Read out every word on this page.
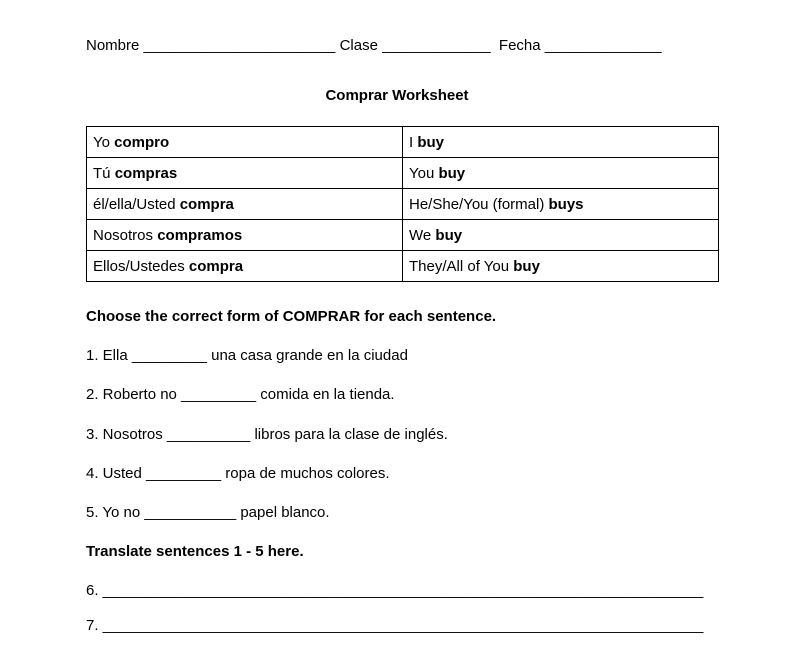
Nombre _______________________ Clase _____________ Fecha ______________
Comprar Worksheet
Yo compro	I buy
Tú compras	You buy
él/ella/Usted compra	He/She/You (formal) buys
Nosotros compramos	We buy
Ellos/Ustedes compra	They/All of You buy
Choose the correct form of COMPRAR for each sentence.
1. Ella _________ una casa grande en la ciudad
2. Roberto no _________ comida en la tienda.
3. Nosotros __________ libros para la clase de inglés.
4. Usted _________ ropa de muchos colores.
5. Yo no ___________ papel blanco.
Translate sentences 1 - 5 here.
6. ________________________________________________________________________
7. ________________________________________________________________________
